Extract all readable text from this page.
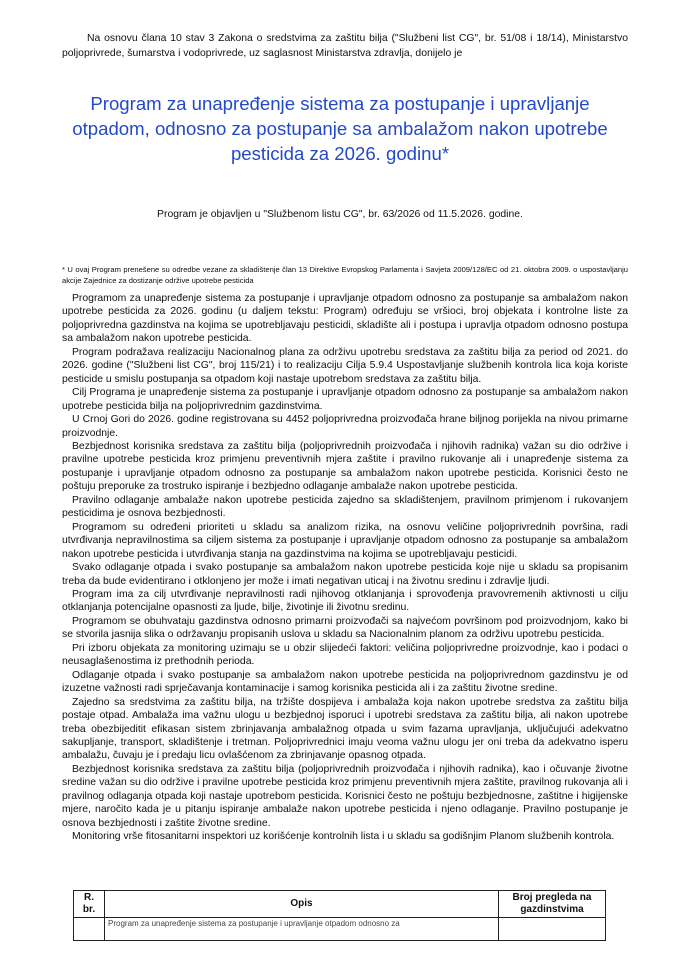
Na osnovu člana 10 stav 3 Zakona o sredstvima za zaštitu bilja ("Službeni list CG", br. 51/08 i 18/14), Ministarstvo poljoprivrede, šumarstva i vodoprivrede, uz saglasnost Ministarstva zdravlja, donijelo je
Program za unapređenje sistema za postupanje i upravljanje otpadom, odnosno za postupanje sa ambalažom nakon upotrebe pesticida za 2026. godinu*
Program je objavljen u "Službenom listu CG", br. 63/2026 od 11.5.2026. godine.
* U ovaj Program prenešene su odredbe vezane za skladištenje član 13 Direktive Evropskog Parlamenta i Savjeta 2009/128/EC od 21. oktobra 2009. o uspostavljanju akcije Zajednice za dostizanje održive upotrebe pesticida

Programom za unapređenje sistema za postupanje i upravljanje otpadom odnosno za postupanje sa ambalažom nakon upotrebe pesticida za 2026. godinu (u daljem tekstu: Program) određuju se vršioci, broj objekata i kontrolne liste za poljoprivredna gazdinstva na kojima se upotrebljavaju pesticidi, skladište ali i postupa i upravlja otpadom odnosno postupa sa ambalažom nakon upotrebe pesticida.

Program podražava realizaciju Nacionalnog plana za održivu upotrebu sredstava za zaštitu bilja za period od 2021. do 2026. godine ("Službeni list CG", broj 115/21) i to realizaciju Cilja 5.9.4 Uspostavljanje službenih kontrola lica koja koriste pesticide u smislu postupanja sa otpadom koji nastaje upotrebom sredstava za zaštitu bilja.

Cilj Programa je unapređenje sistema za postupanje i upravljanje otpadom odnosno za postupanje sa ambalažom nakon upotrebe pesticida bilja na poljoprivrednim gazdinstvima.

U Crnoj Gori do 2026. godine registrovana su 4452 poljoprivredna proizvođača hrane biljnog porijekla na nivou primarne proizvodnje.

Bezbjednost korisnika sredstava za zaštitu bilja (poljoprivrednih proizvođača i njihovih radnika) važan su dio održive i pravilne upotrebe pesticida kroz primjenu preventivnih mjera zaštite i pravilno rukovanje ali i unapređenje sistema za postupanje i upravljanje otpadom odnosno za postupanje sa ambalažom nakon upotrebe pesticida. Korisnici često ne poštuju preporuke za trostruko ispiranje i bezbjedno odlaganje ambalaže nakon upotrebe pesticida.

Pravilno odlaganje ambalaže nakon upotrebe pesticida zajedno sa skladištenjem, pravilnom primjenom i rukovanjem pesticidima je osnova bezbjednosti.

Programom su određeni prioriteti u skladu sa analizom rizika, na osnovu veličine poljoprivrednih površina, radi utvrđivanja nepravilnostima sa ciljem sistema za postupanje i upravljanje otpadom odnosno za postupanje sa ambalažom nakon upotrebe pesticida i utvrđivanja stanja na gazdinstvima na kojima se upotrebljavaju pesticidi.

Svako odlaganje otpada i svako postupanje sa ambalažom nakon upotrebe pesticida koje nije u skladu sa propisanim treba da bude evidentirano i otklonjeno jer može i imati negativan uticaj i na životnu sredinu i zdravlje ljudi.

Program ima za cilj utvrđivanje nepravilnosti radi njihovog otklanjanja i sprovođenja pravovremenih aktivnosti u cilju otklanjanja potencijalne opasnosti za ljude, bilje, životinje ili životnu sredinu.

Programom se obuhvataju gazdinstva odnosno primarni proizvođači sa najvećom površinom pod proizvodnjom, kako bi se stvorila jasnija slika o održavanju propisanih uslova u skladu sa Nacionalnim planom za održivu upotrebu pesticida.

Pri izboru objekata za monitoring uzimaju se u obzir slijedeći faktori: veličina poljoprivredne proizvodnje, kao i podaci o neusaglašenostima iz prethodnih perioda.

Odlaganje otpada i svako postupanje sa ambalažom nakon upotrebe pesticida na poljoprivrednom gazdinstvu je od izuzetne važnosti radi sprječavanja kontaminacije i samog korisnika pesticida ali i za zaštitu životne sredine.

Zajedno sa sredstvima za zaštitu bilja, na tržište dospijeva i ambalaža koja nakon upotrebe sredstva za zaštitu bilja postaje otpad. Ambalaža ima važnu ulogu u bezbjednoj isporuci i upotrebi sredstava za zaštitu bilja, ali nakon upotrebe treba obezbijeditit efikasan sistem zbrinjavanja ambalažnog otpada u svim fazama upravljanja, uključujući adekvatno sakupljanje, transport, skladištenje i tretman. Poljoprivrednici imaju veoma važnu ulogu jer oni treba da adekvatno isperu ambalažu, čuvaju je i predaju licu ovlašćenom za zbrinjavanje opasnog otpada.

Bezbjednost korisnika sredstava za zaštitu bilja (poljoprivrednih proizvođača i njihovih radnika), kao i očuvanje životne sredine važan su dio održive i pravilne upotrebe pesticida kroz primjenu preventivnih mjera zaštite, pravilnog rukovanja ali i pravilnog odlaganja otpada koji nastaje upotrebom pesticida. Korisnici često ne poštuju bezbjednosne, zaštitne i higijenske mjere, naročito kada je u pitanju ispiranje ambalaže nakon upotrebe pesticida i njeno odlaganje. Pravilno postupanje je osnova bezbjednosti i zaštite životne sredine.

Monitoring vrše fitosanitarni inspektori uz korišćenje kontrolnih lista i u skladu sa godišnjim Planom službenih kontrola.

R. br.	Opis	Broj pregleda na gazdinstvima

	Program za unapređenje sistema za postupanje i upravljanje otpadom odnosno za	
